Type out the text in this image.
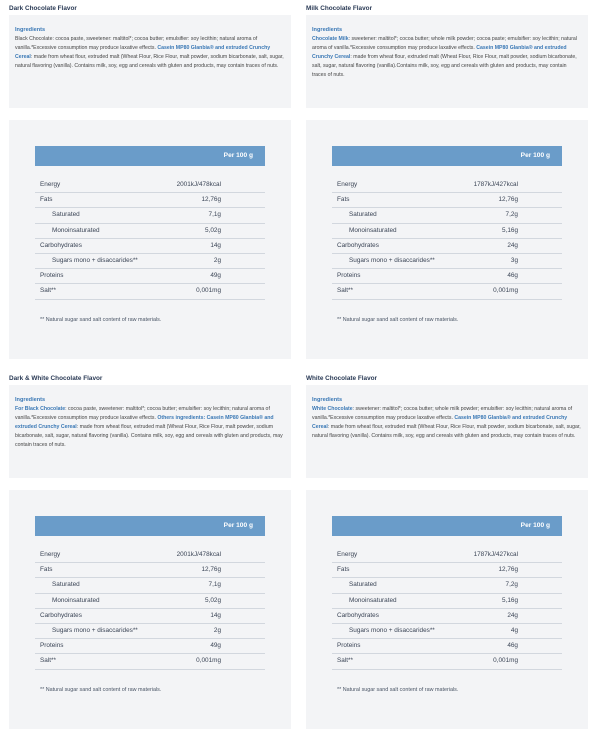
Dark Chocolate Flavor
Ingredients

Black Chocolate: cocoa paste, sweetener: maltitol*; cocoa butter; emulsifier: soy lecithin; natural aroma of vanilla.*Excessive consumption may produce laxative effects. Casein MP80 Glanbia® and extruded Crunchy Cereal: made from wheat flour, extruded malt (Wheat Flour, Rice Flour, malt powder, sodium bicarbonate, salt, sugar, natural flavoring (vanilla). Contains milk, soy, egg and cereals with gluten and products, may contain traces of nuts.

Per 100 g
Energy	2001kJ/478kcal
Fats	12,76g
Saturated	7,1g
Monoinsaturated	5,02g
Carbohydrates	14g
Sugars mono + disaccarides**	2g
Proteins	49g
Salt**	0,001mg
** Natural sugar sand salt content of raw materials.
Milk Chocolate Flavor
Ingredients

Chocolate Milk: sweetener: maltitol*; cocoa butter; whole milk powder; cocoa paste; emulsifier: soy lecithin; natural aroma of vanilla.*Excessive consumption may produce laxative effects. Casein MP80 Glanbia® and extruded Crunchy Cereal: made from wheat flour, extruded malt (Wheat Flour, Rice Flour, malt powder, sodium bicarbonate, salt, sugar, natural flavoring (vanilla).Contains milk, soy, egg and cereals with gluten and products, may contain traces of nuts.

Per 100 g
Energy	1787kJ/427kcal
Fats	12,76g
Saturated	7,2g
Monoinsaturated	5,16g
Carbohydrates	24g
Sugars mono + disaccarides**	3g
Proteins	46g
Salt**	0,001mg
** Natural sugar sand salt content of raw materials.
Dark & White Chocolate Flavor
Ingredients

For Black Chocolate: cocoa paste, sweetener: maltitol*; cocoa butter; emulsifier: soy lecithin; natural aroma of vanilla.*Excessive consumption may produce laxative effects. Others ingredients: Casein MP80 Glanbia® and extruded Crunchy Cereal: made from wheat flour, extruded malt (Wheat Flour, Rice Flour, malt powder, sodium bicarbonate, salt, sugar, natural flavoring (vanilla). Contains milk, soy, egg and cereals with gluten and products, may contain traces of nuts.

Per 100 g
Energy	2001kJ/478kcal
Fats	12,76g
Saturated	7,1g
Monoinsaturated	5,02g
Carbohydrates	14g
Sugars mono + disaccarides**	2g
Proteins	49g
Salt**	0,001mg
** Natural sugar sand salt content of raw materials.
White Chocolate Flavor
Ingredients

White Chocolate: sweetener: maltitol*; cocoa butter; whole milk powder; emulsifier: soy lecithin; natural aroma of vanilla.*Excessive consumption may produce laxative effects. Casein MP80 Glanbia® and extruded Crunchy Cereal: made from wheat flour, extruded malt (Wheat Flour, Rice Flour, malt powder, sodium bicarbonate, salt, sugar, natural flavoring (vanilla). Contains milk, soy, egg and cereals with gluten and products, may contain traces of nuts.

Per 100 g
Energy	1787kJ/427kcal
Fats	12,76g
Saturated	7,2g
Monoinsaturated	5,16g
Carbohydrates	24g
Sugars mono + disaccarides**	4g
Proteins	46g
Salt**	0,001mg
** Natural sugar sand salt content of raw materials.
